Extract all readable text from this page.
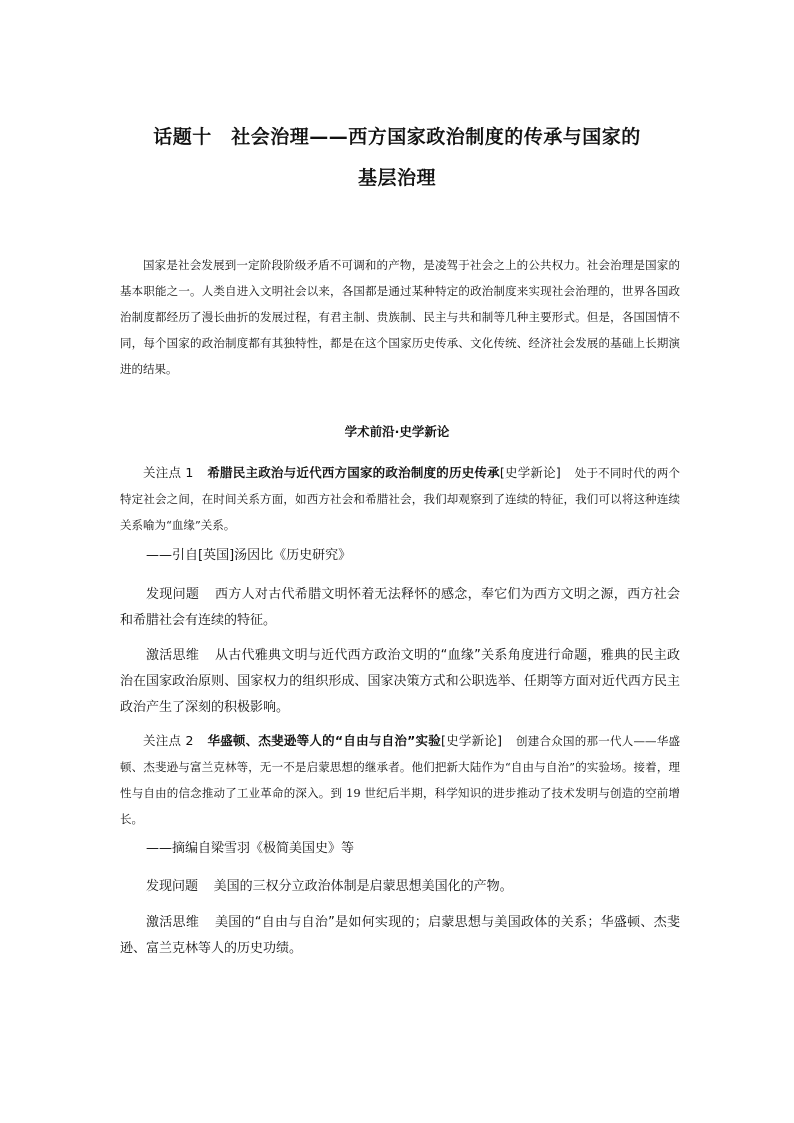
话题十　社会治理——西方国家政治制度的传承与国家的
基层治理

国家是社会发展到一定阶段阶级矛盾不可调和的产物，是凌驾于社会之上的公共权力。社会治理是国家的基本职能之一。人类自进入文明社会以来，各国都是通过某种特定的政治制度来实现社会治理的，世界各国政治制度都经历了漫长曲折的发展过程，有君主制、贵族制、民主与共和制等几种主要形式。但是，各国国情不同，每个国家的政治制度都有其独特性，都是在这个国家历史传承、文化传统、经济社会发展的基础上长期演进的结果。

学术前沿·史学新论

关注点 1 希腊民主政治与近代西方国家的政治制度的历史传承[史学新论] 处于不同时代的两个特定社会之间，在时间关系方面，如西方社会和希腊社会，我们却观察到了连续的特征，我们可以将这种连续关系喻为“血缘”关系。

——引自[英国]汤因比《历史研究》

发现问题 西方人对古代希腊文明怀着无法释怀的感念，奉它们为西方文明之源，西方社会和希腊社会有连续的特征。

激活思维 从古代雅典文明与近代西方政治文明的“血缘”关系角度进行命题，雅典的民主政治在国家政治原则、国家权力的组织形成、国家决策方式和公职选举、任期等方面对近代西方民主政治产生了深刻的积极影响。

关注点 2 华盛顿、杰斐逊等人的“自由与自治”实验[史学新论] 创建合众国的那一代人——华盛顿、杰斐逊与富兰克林等，无一不是启蒙思想的继承者。他们把新大陆作为“自由与自治”的实验场。接着，理性与自由的信念推动了工业革命的深入。到 19 世纪后半期，科学知识的进步推动了技术发明与创造的空前增长。

——摘编自梁雪羽《极简美国史》等

发现问题 美国的三权分立政治体制是启蒙思想美国化的产物。

激活思维 美国的“自由与自治”是如何实现的；启蒙思想与美国政体的关系；华盛顿、杰斐逊、富兰克林等人的历史功绩。
